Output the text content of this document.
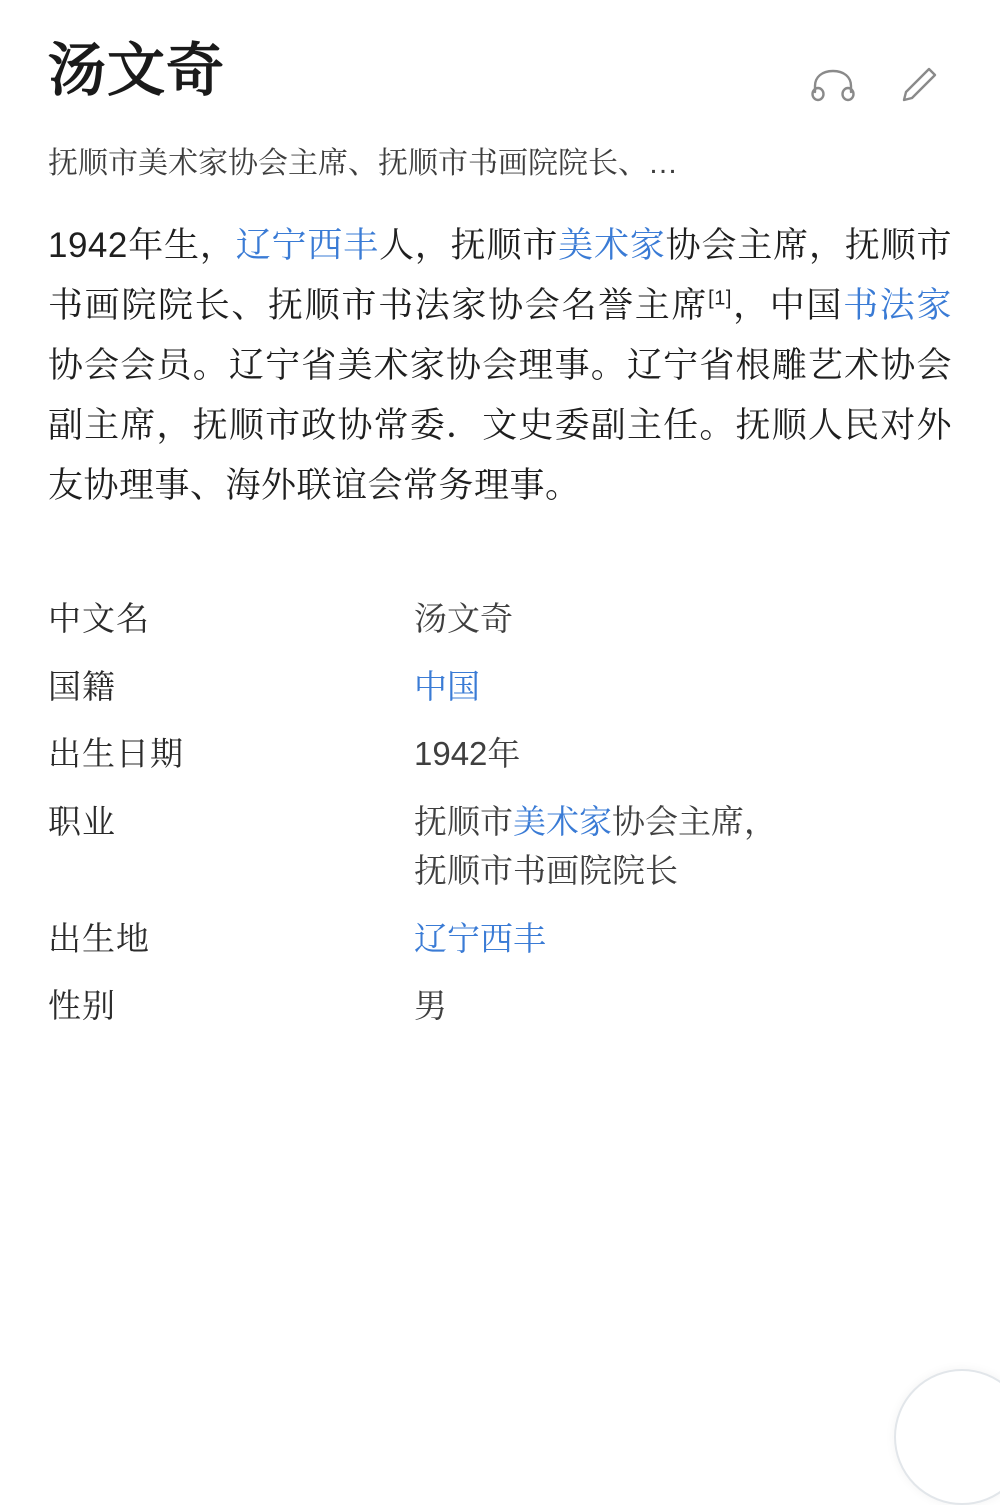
汤文奇
抚顺市美术家协会主席、抚顺市书画院院长、…
1942年生，辽宁西丰人，抚顺市美术家协会主席，抚顺市书画院院长、抚顺市书法家协会名誉主席[1]，中国书法家协会会员。辽宁省美术家协会理事。辽宁省根雕艺术协会副主席，抚顺市政协常委．文史委副主任。抚顺人民对外友协理事、海外联谊会常务理事。
中文名	汤文奇
国籍	中国
出生日期	1942年
职业	抚顺市美术家协会主席，
抚顺市书画院院长
出生地	辽宁西丰
性别	男
